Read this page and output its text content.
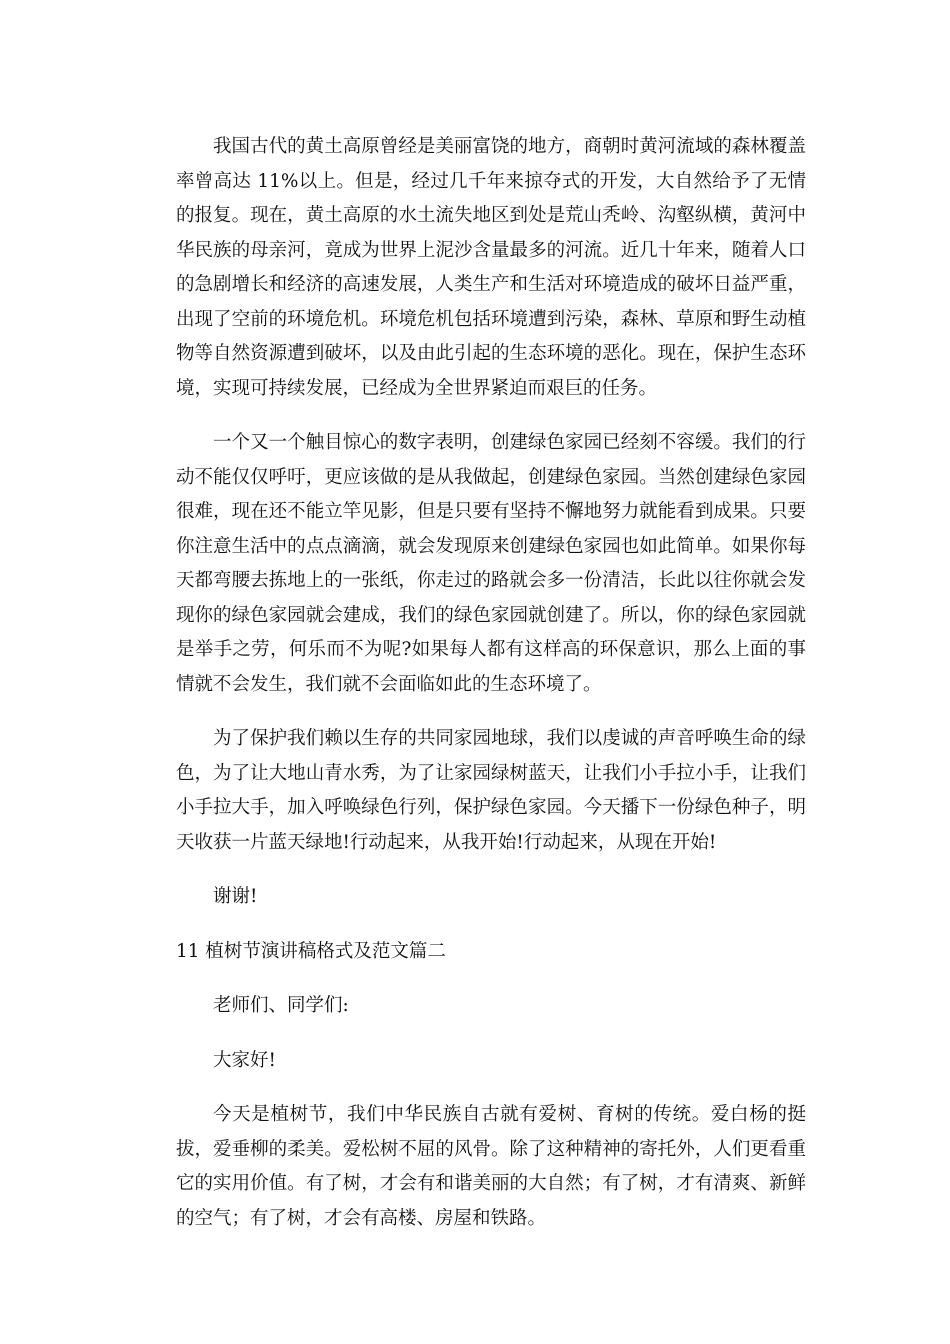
我国古代的黄土高原曾经是美丽富饶的地方，商朝时黄河流域的森林覆盖率曾高达 11%以上。但是，经过几千年来掠夺式的开发，大自然给予了无情的报复。现在，黄土高原的水土流失地区到处是荒山秃岭、沟壑纵横，黄河中华民族的母亲河，竟成为世界上泥沙含量最多的河流。近几十年来，随着人口的急剧增长和经济的高速发展，人类生产和生活对环境造成的破坏日益严重，出现了空前的环境危机。环境危机包括环境遭到污染，森林、草原和野生动植物等自然资源遭到破坏，以及由此引起的生态环境的恶化。现在，保护生态环境，实现可持续发展，已经成为全世界紧迫而艰巨的任务。

一个又一个触目惊心的数字表明，创建绿色家园已经刻不容缓。我们的行动不能仅仅呼吁，更应该做的是从我做起，创建绿色家园。当然创建绿色家园很难，现在还不能立竿见影，但是只要有坚持不懈地努力就能看到成果。只要你注意生活中的点点滴滴，就会发现原来创建绿色家园也如此简单。如果你每天都弯腰去拣地上的一张纸，你走过的路就会多一份清洁，长此以往你就会发现你的绿色家园就会建成，我们的绿色家园就创建了。所以，你的绿色家园就是举手之劳，何乐而不为呢?如果每人都有这样高的环保意识，那么上面的事情就不会发生，我们就不会面临如此的生态环境了。

为了保护我们赖以生存的共同家园地球，我们以虔诚的声音呼唤生命的绿色，为了让大地山青水秀，为了让家园绿树蓝天，让我们小手拉小手，让我们小手拉大手，加入呼唤绿色行列，保护绿色家园。今天播下一份绿色种子，明天收获一片蓝天绿地!行动起来，从我开始!行动起来，从现在开始!

谢谢!

11 植树节演讲稿格式及范文篇二

老师们、同学们:

大家好!

今天是植树节，我们中华民族自古就有爱树、育树的传统。爱白杨的挺拔，爱垂柳的柔美。爱松树不屈的风骨。除了这种精神的寄托外，人们更看重它的实用价值。有了树，才会有和谐美丽的大自然；有了树，才有清爽、新鲜的空气；有了树，才会有高楼、房屋和铁路。
